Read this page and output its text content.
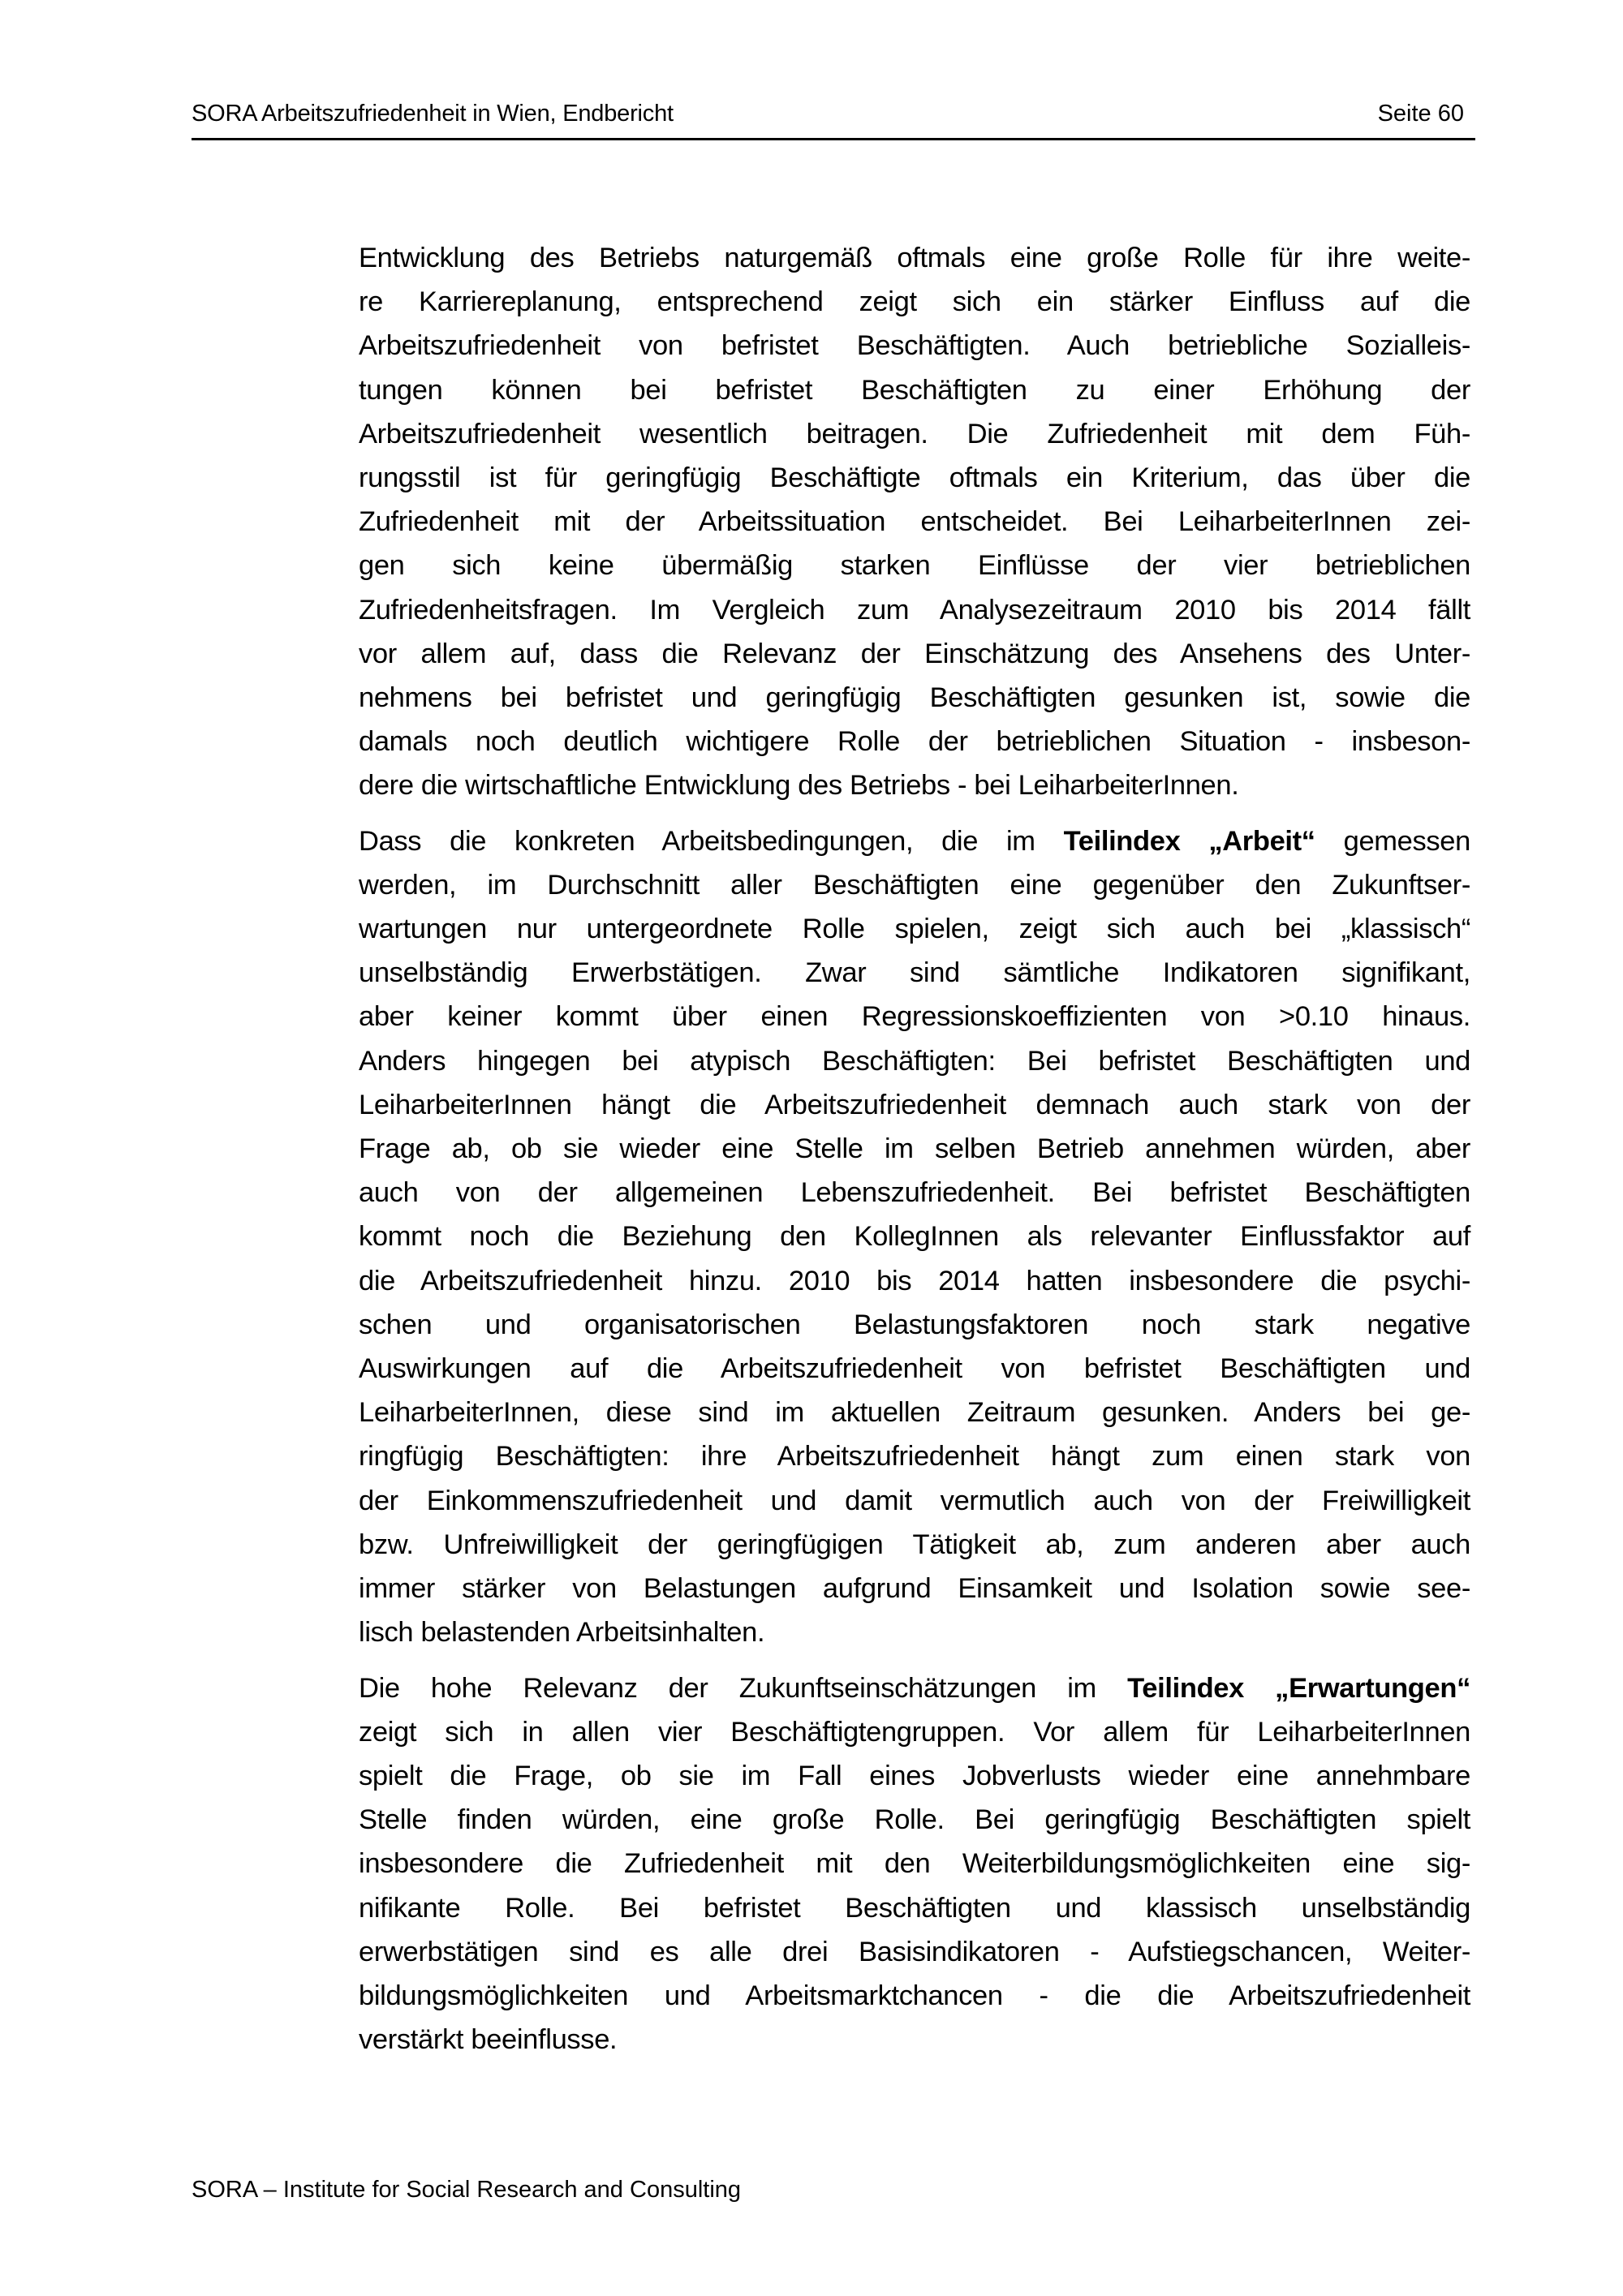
SORA Arbeitszufriedenheit in Wien, Endbericht	Seite 60

Entwicklung des Betriebs naturgemäß oftmals eine große Rolle für ihre weite-
re Karriereplanung, entsprechend zeigt sich ein stärker Einfluss auf die
Arbeitszufriedenheit von befristet Beschäftigten. Auch betriebliche Sozialleis-
tungen können bei befristet Beschäftigten zu einer Erhöhung der
Arbeitszufriedenheit wesentlich beitragen. Die Zufriedenheit mit dem Füh-
rungsstil ist für geringfügig Beschäftigte oftmals ein Kriterium, das über die
Zufriedenheit mit der Arbeitssituation entscheidet. Bei LeiharbeiterInnen zei-
gen sich keine übermäßig starken Einflüsse der vier betrieblichen
Zufriedenheitsfragen. Im Vergleich zum Analysezeitraum 2010 bis 2014 fällt
vor allem auf, dass die Relevanz der Einschätzung des Ansehens des Unter-
nehmens bei befristet und geringfügig Beschäftigten gesunken ist, sowie die
damals noch deutlich wichtigere Rolle der betrieblichen Situation - insbeson-
dere die wirtschaftliche Entwicklung des Betriebs - bei LeiharbeiterInnen.

Dass die konkreten Arbeitsbedingungen, die im Teilindex „Arbeit“ gemessen
werden, im Durchschnitt aller Beschäftigten eine gegenüber den Zukunftser-
wartungen nur untergeordnete Rolle spielen, zeigt sich auch bei „klassisch“
unselbständig Erwerbstätigen. Zwar sind sämtliche Indikatoren signifikant,
aber keiner kommt über einen Regressionskoeffizienten von >0.10 hinaus.
Anders hingegen bei atypisch Beschäftigten: Bei befristet Beschäftigten und
LeiharbeiterInnen hängt die Arbeitszufriedenheit demnach auch stark von der
Frage ab, ob sie wieder eine Stelle im selben Betrieb annehmen würden, aber
auch von der allgemeinen Lebenszufriedenheit. Bei befristet Beschäftigten
kommt noch die Beziehung den KollegInnen als relevanter Einflussfaktor auf
die Arbeitszufriedenheit hinzu. 2010 bis 2014 hatten insbesondere die psychi-
schen und organisatorischen Belastungsfaktoren noch stark negative
Auswirkungen auf die Arbeitszufriedenheit von befristet Beschäftigten und
LeiharbeiterInnen, diese sind im aktuellen Zeitraum gesunken. Anders bei ge-
ringfügig Beschäftigten: ihre Arbeitszufriedenheit hängt zum einen stark von
der Einkommenszufriedenheit und damit vermutlich auch von der Freiwilligkeit
bzw. Unfreiwilligkeit der geringfügigen Tätigkeit ab, zum anderen aber auch
immer stärker von Belastungen aufgrund Einsamkeit und Isolation sowie see-
lisch belastenden Arbeitsinhalten.

Die hohe Relevanz der Zukunftseinschätzungen im Teilindex „Erwartungen“
zeigt sich in allen vier Beschäftigtengruppen. Vor allem für LeiharbeiterInnen
spielt die Frage, ob sie im Fall eines Jobverlusts wieder eine annehmbare
Stelle finden würden, eine große Rolle. Bei geringfügig Beschäftigten spielt
insbesondere die Zufriedenheit mit den Weiterbildungsmöglichkeiten eine sig-
nifikante Rolle. Bei befristet Beschäftigten und klassisch unselbständig
erwerbstätigen sind es alle drei Basisindikatoren - Aufstiegschancen, Weiter-
bildungsmöglichkeiten und Arbeitsmarktchancen - die die Arbeitszufriedenheit
verstärkt beeinflusse.

SORA – Institute for Social Research and Consulting
